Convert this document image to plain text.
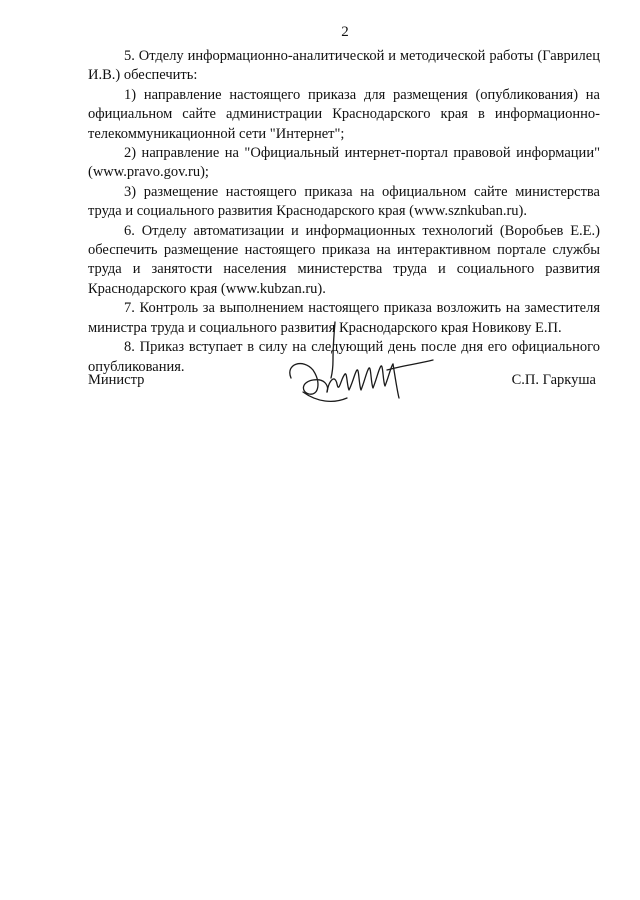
2

5. Отделу информационно-аналитической и методической работы (Гаврилец И.В.) обеспечить:

1) направление настоящего приказа для размещения (опубликования) на официальном сайте администрации Краснодарского края в информационно-телекоммуникационной сети "Интернет";

2) направление на "Официальный интернет-портал правовой информации" (www.pravo.gov.ru);

3) размещение настоящего приказа на официальном сайте министерства труда и социального развития Краснодарского края (www.sznkuban.ru).

6. Отделу автоматизации и информационных технологий (Воробьев Е.Е.) обеспечить размещение настоящего приказа на интерактивном портале службы труда и занятости населения министерства труда и социального развития Краснодарского края (www.kubzan.ru).

7. Контроль за выполнением настоящего приказа возложить на заместителя министра труда и социального развития Краснодарского края Новикову Е.П.

8. Приказ вступает в силу на следующий день после дня его официального опубликования.

Министр	С.П. Гаркуша
